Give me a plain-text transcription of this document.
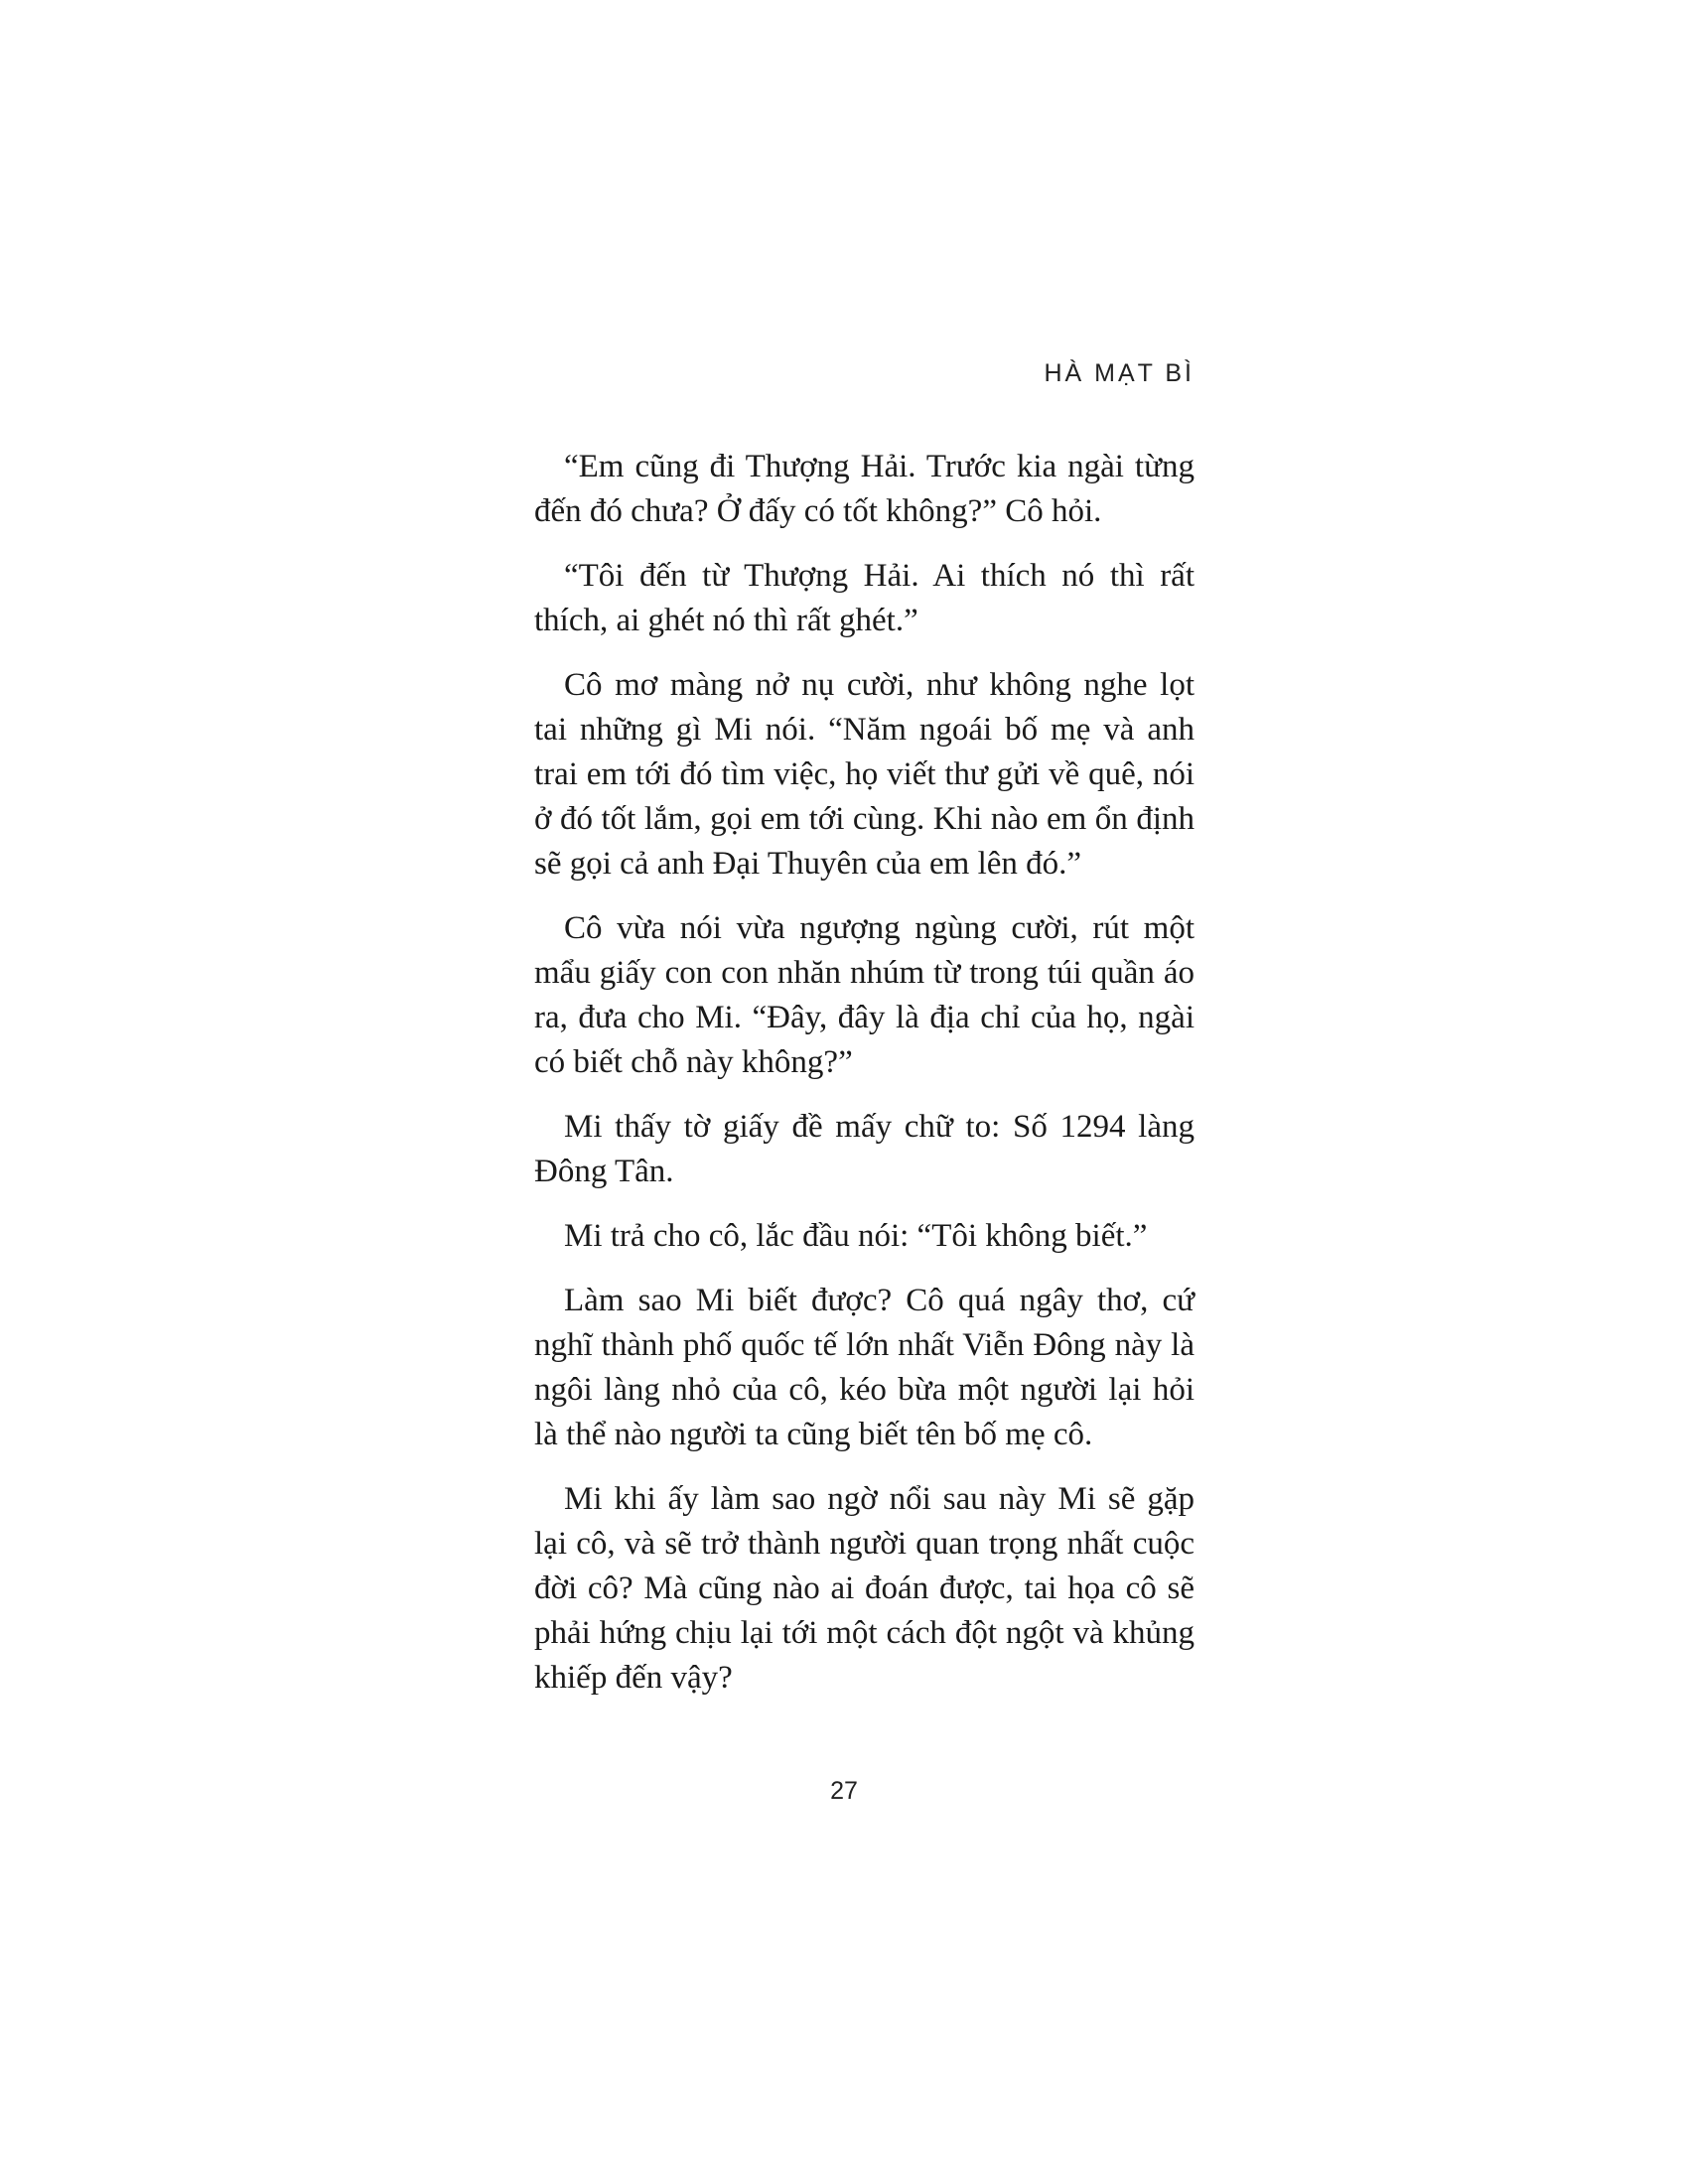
HÀ MẠT BÌ

“Em cũng đi Thượng Hải. Trước kia ngài từng đến đó chưa? Ở đấy có tốt không?” Cô hỏi.

“Tôi đến từ Thượng Hải. Ai thích nó thì rất thích, ai ghét nó thì rất ghét.”

Cô mơ màng nở nụ cười, như không nghe lọt tai những gì Mi nói. “Năm ngoái bố mẹ và anh trai em tới đó tìm việc, họ viết thư gửi về quê, nói ở đó tốt lắm, gọi em tới cùng. Khi nào em ổn định sẽ gọi cả anh Đại Thuyên của em lên đó.”

Cô vừa nói vừa ngượng ngùng cười, rút một mẩu giấy con con nhăn nhúm từ trong túi quần áo ra, đưa cho Mi. “Đây, đây là địa chỉ của họ, ngài có biết chỗ này không?”

Mi thấy tờ giấy đề mấy chữ to: Số 1294 làng Đông Tân.

Mi trả cho cô, lắc đầu nói: “Tôi không biết.”

Làm sao Mi biết được? Cô quá ngây thơ, cứ nghĩ thành phố quốc tế lớn nhất Viễn Đông này là ngôi làng nhỏ của cô, kéo bừa một người lại hỏi là thể nào người ta cũng biết tên bố mẹ cô.

Mi khi ấy làm sao ngờ nổi sau này Mi sẽ gặp lại cô, và sẽ trở thành người quan trọng nhất cuộc đời cô? Mà cũng nào ai đoán được, tai họa cô sẽ phải hứng chịu lại tới một cách đột ngột và khủng khiếp đến vậy?

27
